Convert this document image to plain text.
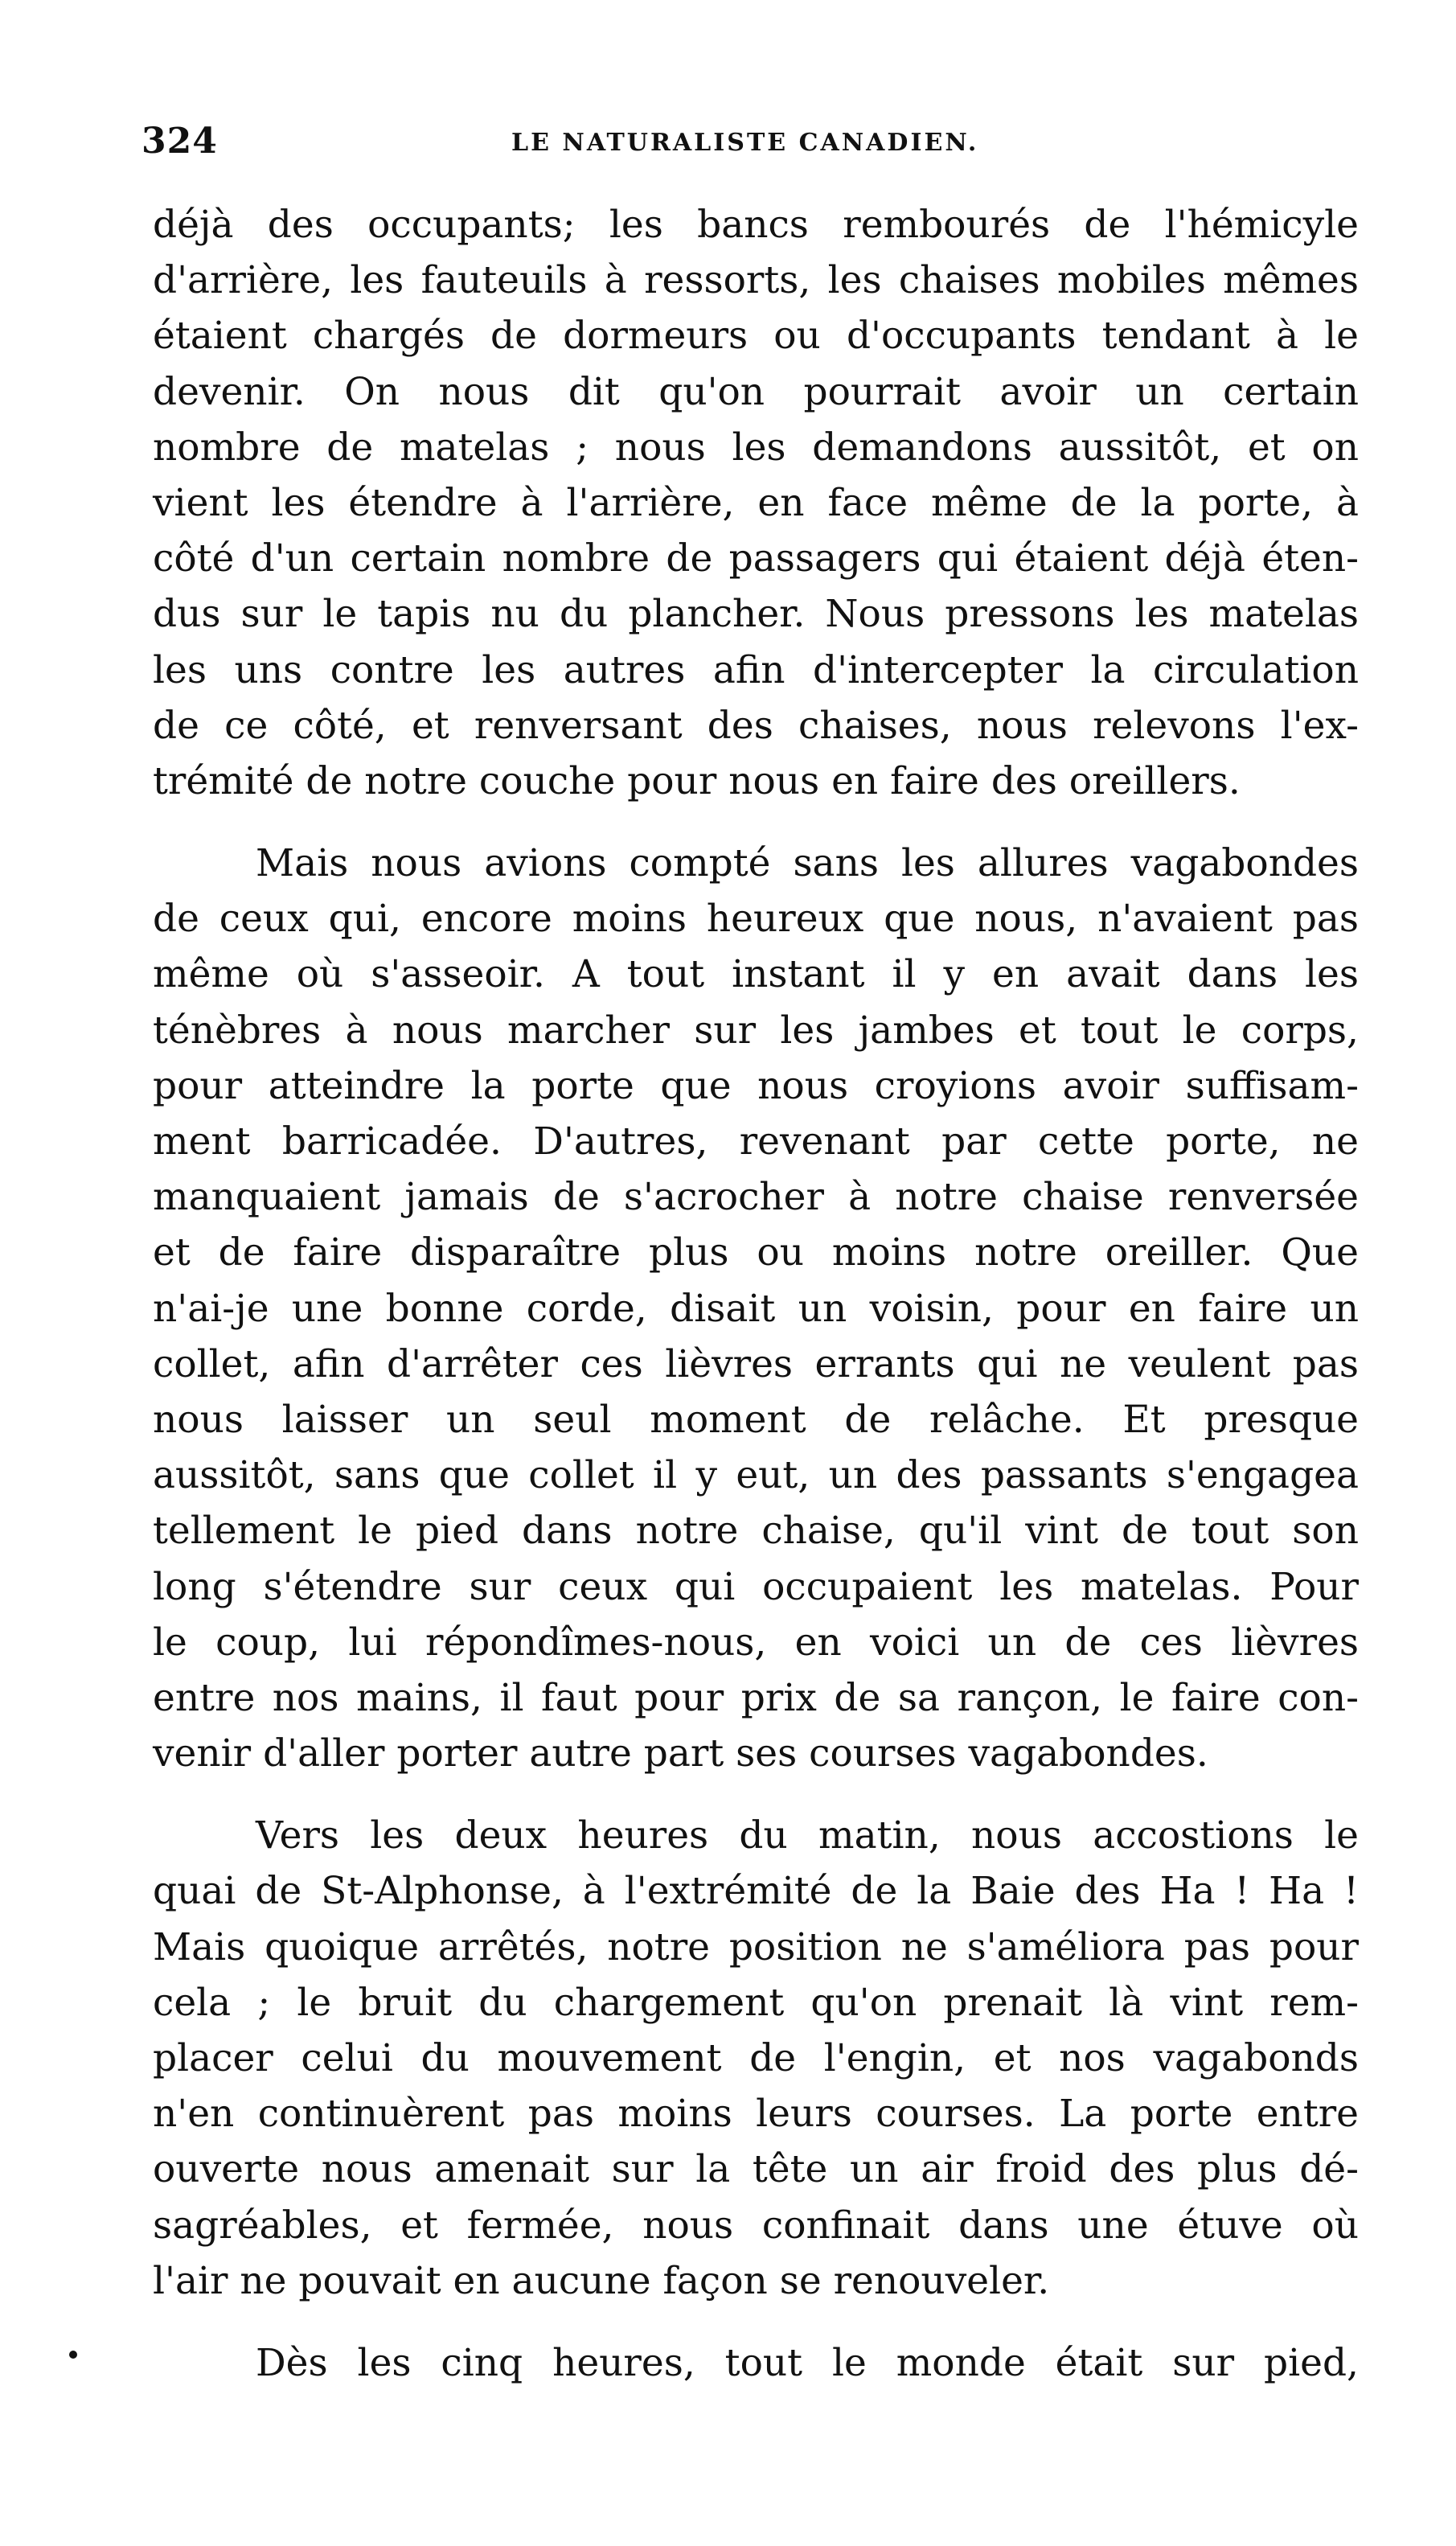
324	LE NATURALISTE CANADIEN.
déjà des occupants; les bancs rembourés de l'hémicyle
d'arrière, les fauteuils à ressorts, les chaises mobiles mêmes
étaient chargés de dormeurs ou d'occupants tendant à le
devenir. On nous dit qu'on pourrait avoir un certain
nombre de matelas ; nous les demandons aussitôt, et on
vient les étendre à l'arrière, en face même de la porte, à
côté d'un certain nombre de passagers qui étaient déjà éten-
dus sur le tapis nu du plancher. Nous pressons les matelas
les uns contre les autres afin d'intercepter la circulation
de ce côté, et renversant des chaises, nous relevons l'ex-
trémité de notre couche pour nous en faire des oreillers.
Mais nous avions compté sans les allures vagabondes
de ceux qui, encore moins heureux que nous, n'avaient pas
même où s'asseoir. A tout instant il y en avait dans les
ténèbres à nous marcher sur les jambes et tout le corps,
pour atteindre la porte que nous croyions avoir suffisam-
ment barricadée. D'autres, revenant par cette porte, ne
manquaient jamais de s'acrocher à notre chaise renversée
et de faire disparaître plus ou moins notre oreiller. Que
n'ai-je une bonne corde, disait un voisin, pour en faire un
collet, afin d'arrêter ces lièvres errants qui ne veulent pas
nous laisser un seul moment de relâche. Et presque
aussitôt, sans que collet il y eut, un des passants s'engagea
tellement le pied dans notre chaise, qu'il vint de tout son
long s'étendre sur ceux qui occupaient les matelas. Pour
le coup, lui répondîmes-nous, en voici un de ces lièvres
entre nos mains, il faut pour prix de sa rançon, le faire con-
venir d'aller porter autre part ses courses vagabondes.
Vers les deux heures du matin, nous accostions le
quai de St-Alphonse, à l'extrémité de la Baie des Ha ! Ha !
Mais quoique arrêtés, notre position ne s'améliora pas pour
cela ; le bruit du chargement qu'on prenait là vint rem-
placer celui du mouvement de l'engin, et nos vagabonds
n'en continuèrent pas moins leurs courses. La porte entre
ouverte nous amenait sur la tête un air froid des plus dé-
sagréables, et fermée, nous confinait dans une étuve où
l'air ne pouvait en aucune façon se renouveler.
Dès les cinq heures, tout le monde était sur pied,
